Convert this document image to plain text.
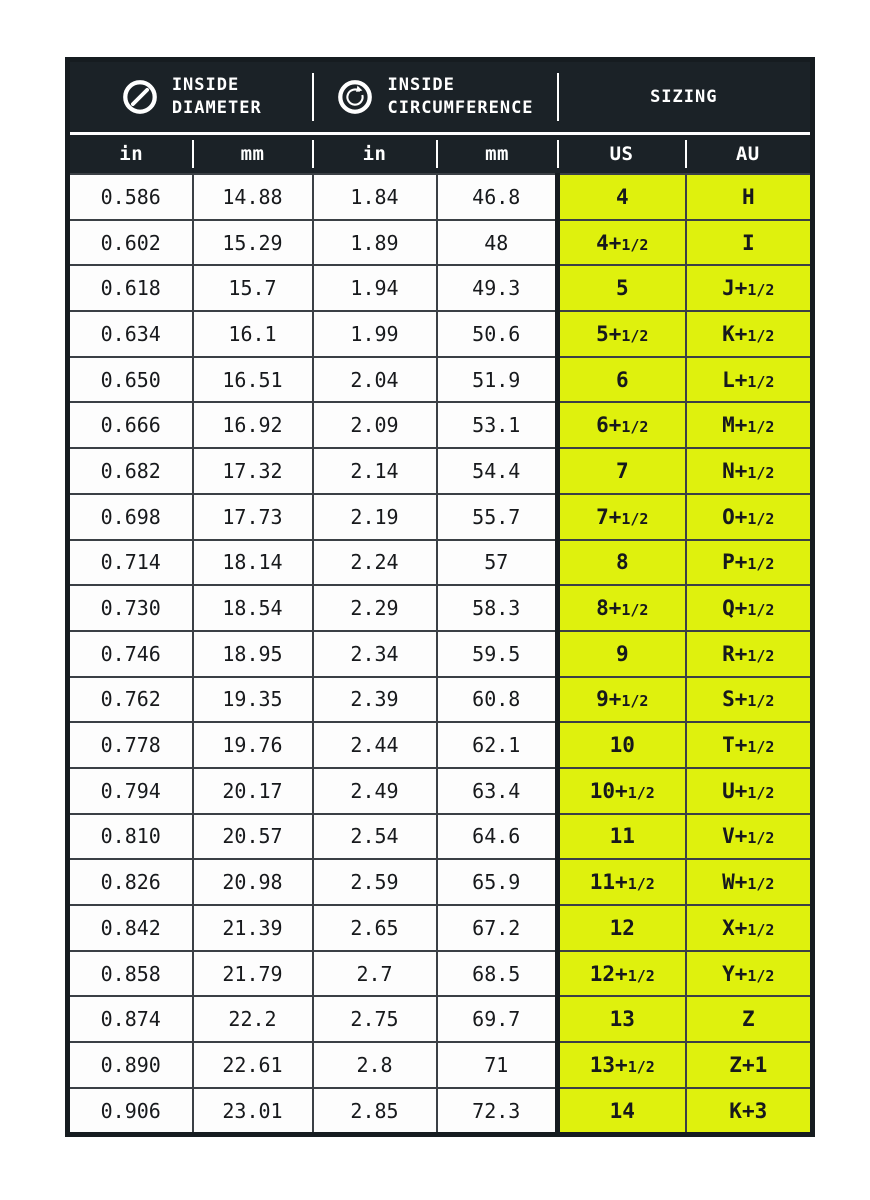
INSIDE
DIAMETER		INSIDE
CIRCUMFERENCE		SIZING	

in	mm	in	mm	US	AU
0.586	14.88	1.84	46.8	4	H
0.602	15.29	1.89	48	4+1/2	I
0.618	15.7	1.94	49.3	5	J+1/2
0.634	16.1	1.99	50.6	5+1/2	K+1/2
0.650	16.51	2.04	51.9	6	L+1/2
0.666	16.92	2.09	53.1	6+1/2	M+1/2
0.682	17.32	2.14	54.4	7	N+1/2
0.698	17.73	2.19	55.7	7+1/2	O+1/2
0.714	18.14	2.24	57	8	P+1/2
0.730	18.54	2.29	58.3	8+1/2	Q+1/2
0.746	18.95	2.34	59.5	9	R+1/2
0.762	19.35	2.39	60.8	9+1/2	S+1/2
0.778	19.76	2.44	62.1	10	T+1/2
0.794	20.17	2.49	63.4	10+1/2	U+1/2
0.810	20.57	2.54	64.6	11	V+1/2
0.826	20.98	2.59	65.9	11+1/2	W+1/2
0.842	21.39	2.65	67.2	12	X+1/2
0.858	21.79	2.7	68.5	12+1/2	Y+1/2
0.874	22.2	2.75	69.7	13	Z
0.890	22.61	2.8	71	13+1/2	Z+1
0.906	23.01	2.85	72.3	14	K+3
